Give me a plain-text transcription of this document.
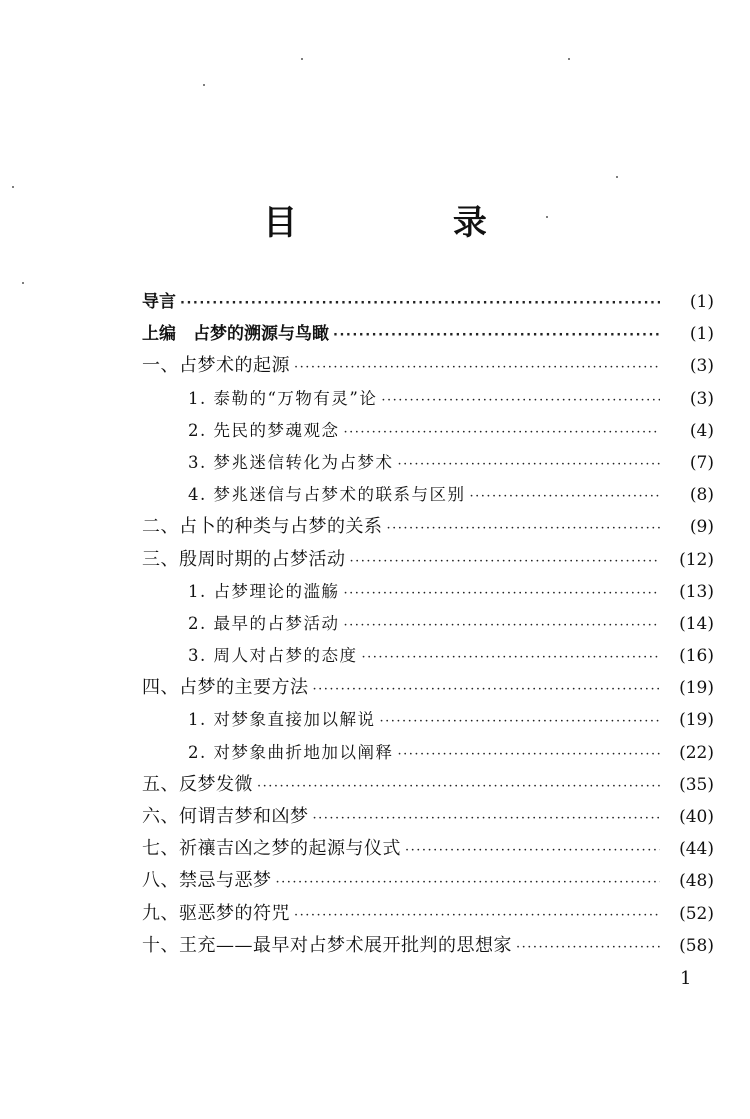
目 录
导言 ·····	(1)
上编　占梦的溯源与鸟瞰 ·····	(1)
一、占梦术的起源 ·····	(3)
1. 泰勒的“万物有灵”论 ·····	(3)
2. 先民的梦魂观念 ·····	(4)
3. 梦兆迷信转化为占梦术 ·····	(7)
4. 梦兆迷信与占梦术的联系与区别 ·····	(8)
二、占卜的种类与占梦的关系 ·····	(9)
三、殷周时期的占梦活动 ·····	(12)
1. 占梦理论的滥觞 ·····	(13)
2. 最早的占梦活动 ·····	(14)
3. 周人对占梦的态度 ·····	(16)
四、占梦的主要方法 ·····	(19)
1. 对梦象直接加以解说 ·····	(19)
2. 对梦象曲折地加以阐释 ·····	(22)
五、反梦发微 ·····	(35)
六、何谓吉梦和凶梦 ·····	(40)
七、祈禳吉凶之梦的起源与仪式 ·····	(44)
八、禁忌与恶梦 ·····	(48)
九、驱恶梦的符咒 ·····	(52)
十、王充——最早对占梦术展开批判的思想家 ·····	(58)
1
